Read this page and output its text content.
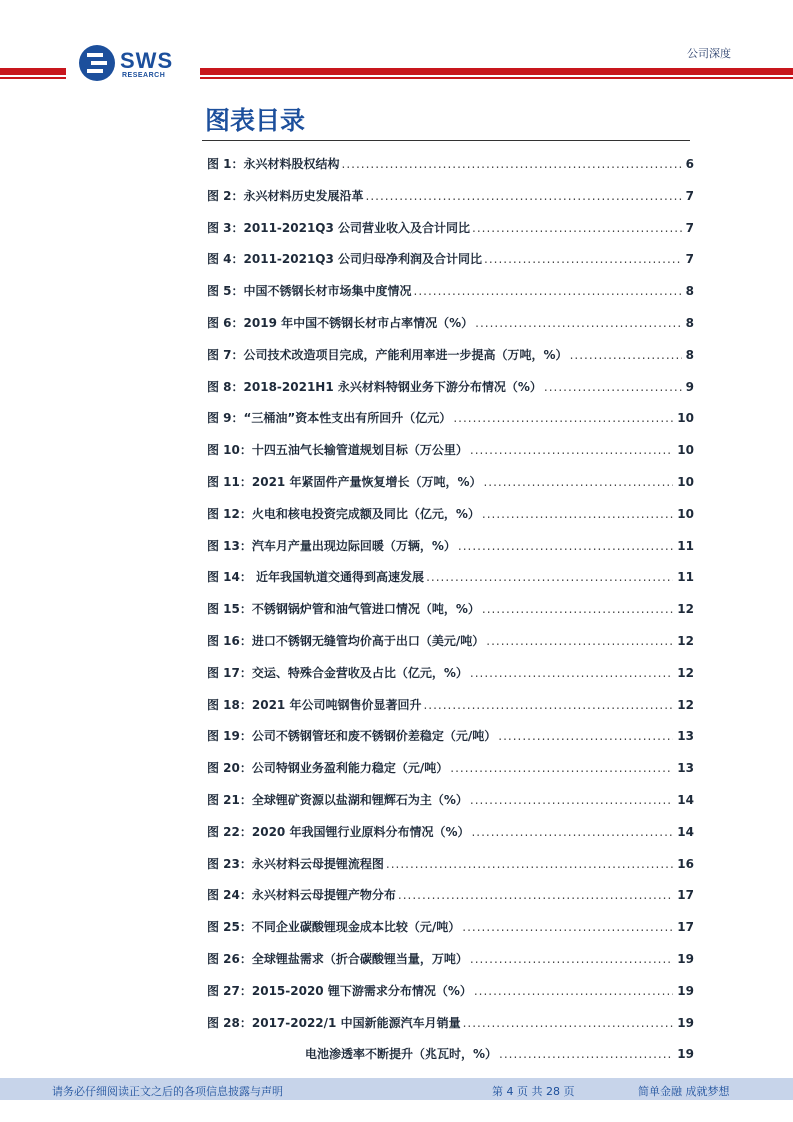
SWS
RESEARCH
公司深度
图表目录
图 1：永兴材料股权结构 .....	6
图 2：永兴材料历史发展沿革 .....	7
图 3：2011-2021Q3 公司营业收入及合计同比 .....	7
图 4：2011-2021Q3 公司归母净利润及合计同比 .....	7
图 5：中国不锈钢长材市场集中度情况 .....	8
图 6：2019 年中国不锈钢长材市占率情况（%） .....	8
图 7：公司技术改造项目完成，产能利用率进一步提高（万吨，%） .....	8
图 8：2018-2021H1 永兴材料特钢业务下游分布情况（%） .....	9
图 9：“三桶油”资本性支出有所回升（亿元） .....	10
图 10：十四五油气长输管道规划目标（万公里） .....	10
图 11：2021 年紧固件产量恢复增长（万吨，%） .....	10
图 12：火电和核电投资完成额及同比（亿元，%） .....	10
图 13：汽车月产量出现边际回暖（万辆，%） .....	11
图 14： 近年我国轨道交通得到高速发展 .....	11
图 15：不锈钢锅炉管和油气管进口情况（吨，%） .....	12
图 16：进口不锈钢无缝管均价高于出口（美元/吨） .....	12
图 17：交运、特殊合金营收及占比（亿元，%） .....	12
图 18：2021 年公司吨钢售价显著回升 .....	12
图 19：公司不锈钢管坯和废不锈钢价差稳定（元/吨） .....	13
图 20：公司特钢业务盈利能力稳定（元/吨） .....	13
图 21：全球锂矿资源以盐湖和锂辉石为主（%） .....	14
图 22：2020 年我国锂行业原料分布情况（%） .....	14
图 23：永兴材料云母提锂流程图 .....	16
图 24：永兴材料云母提锂产物分布 .....	17
图 25：不同企业碳酸锂现金成本比较（元/吨） .....	17
图 26：全球锂盐需求（折合碳酸锂当量，万吨） .....	19
图 27：2015-2020 锂下游需求分布情况（%） .....	19
图 28：2017-2022/1 中国新能源汽车月销量 .....	19
电池渗透率不断提升（兆瓦时，%） .....	19
请务必仔细阅读正文之后的各项信息披露与声明	第 4 页 共 28 页	简单金融 成就梦想
